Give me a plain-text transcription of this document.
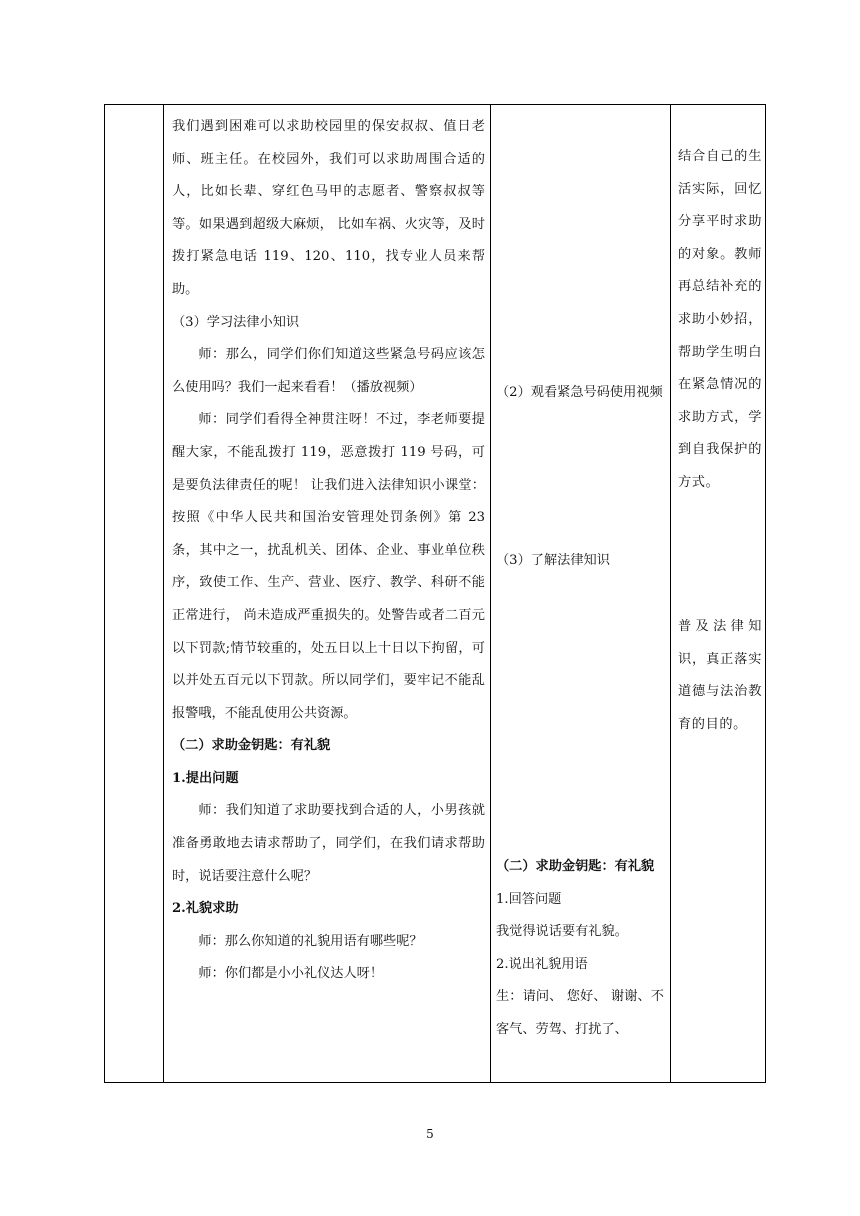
我们遇到困难可以求助校园里的保安叔叔、值日老师、班主任。在校园外，我们可以求助周围合适的人，比如长辈、穿红色马甲的志愿者、警察叔叔等等。如果遇到超级大麻烦， 比如车祸、火灾等，及时拨打紧急电话 119、120、110，找专业人员来帮助。

（3）学习法律小知识

师：那么，同学们你们知道这些紧急号码应该怎么使用吗？我们一起来看看！（播放视频）

师：同学们看得全神贯注呀！不过，李老师要提醒大家，不能乱拨打 119，恶意拨打 119 号码，可是要负法律责任的呢！ 让我们进入法律知识小课堂：按照《中华人民共和国治安管理处罚条例》第 23 条，其中之一，扰乱机关、团体、企业、事业单位秩序，致使工作、生产、营业、医疗、教学、科研不能正常进行， 尚未造成严重损失的。处警告或者二百元以下罚款;情节较重的，处五日以上十日以下拘留，可以并处五百元以下罚款。所以同学们，要牢记不能乱报警哦，不能乱使用公共资源。

（二）求助金钥匙：有礼貌

1.提出问题

师：我们知道了求助要找到合适的人，小男孩就准备勇敢地去请求帮助了，同学们，在我们请求帮助时，说话要注意什么呢？

2.礼貌求助

师：那么你知道的礼貌用语有哪些呢？

师：你们都是小小礼仪达人呀！

（2）观看紧急号码使用视频

（3）了解法律知识

（二）求助金钥匙：有礼貌

1.回答问题

我觉得说话要有礼貌。

2.说出礼貌用语

生：请问、 您好、 谢谢、不客气、劳驾、打扰了、

结合自己的生活实际，回忆分享平时求助的对象。教师再总结补充的求助小妙招，帮助学生明白在紧急情况的求助方式，学到自我保护的方式。

普及法律知识，真正落实道德与法治教育的目的。

5
